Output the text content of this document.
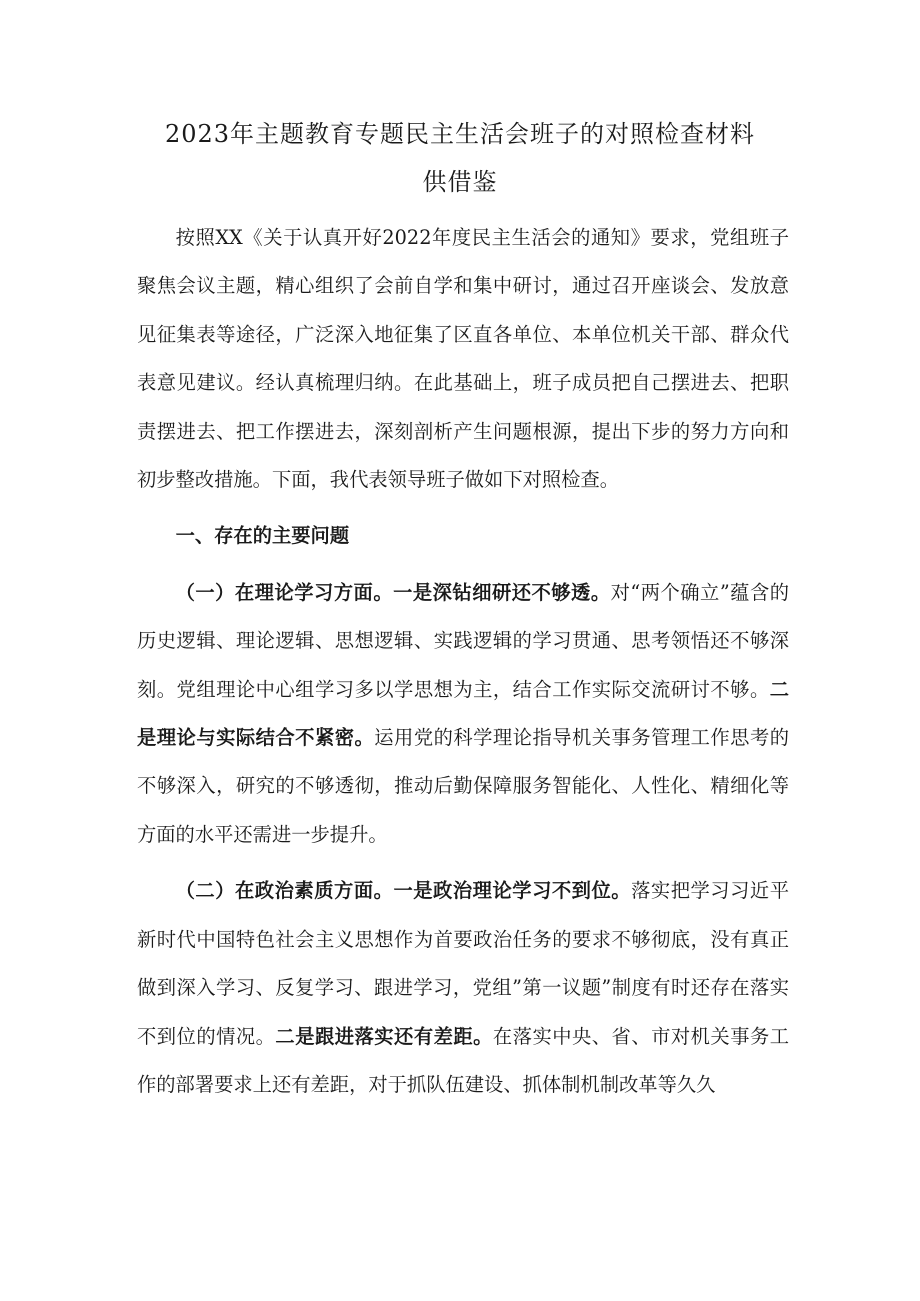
2023年主题教育专题民主生活会班子的对照检查材料
供借鉴

按照XX《关于认真开好2022年度民主生活会的通知》要求，党组班子聚焦会议主题，精心组织了会前自学和集中研讨，通过召开座谈会、发放意见征集表等途径，广泛深入地征集了区直各单位、本单位机关干部、群众代表意见建议。经认真梳理归纳。在此基础上，班子成员把自己摆进去、把职责摆进去、把工作摆进去，深刻剖析产生问题根源，提出下步的努力方向和初步整改措施。下面，我代表领导班子做如下对照检查。

一、存在的主要问题

（一）在理论学习方面。一是深钻细研还不够透。对“两个确立”蕴含的历史逻辑、理论逻辑、思想逻辑、实践逻辑的学习贯通、思考领悟还不够深刻。党组理论中心组学习多以学思想为主，结合工作实际交流研讨不够。二是理论与实际结合不紧密。运用党的科学理论指导机关事务管理工作思考的不够深入，研究的不够透彻，推动后勤保障服务智能化、人性化、精细化等方面的水平还需进一步提升。

（二）在政治素质方面。一是政治理论学习不到位。落实把学习习近平新时代中国特色社会主义思想作为首要政治任务的要求不够彻底，没有真正做到深入学习、反复学习、跟进学习，党组”第一议题”制度有时还存在落实不到位的情况。二是跟进落实还有差距。在落实中央、省、市对机关事务工作的部署要求上还有差距，对于抓队伍建设、抓体制机制改革等久久
